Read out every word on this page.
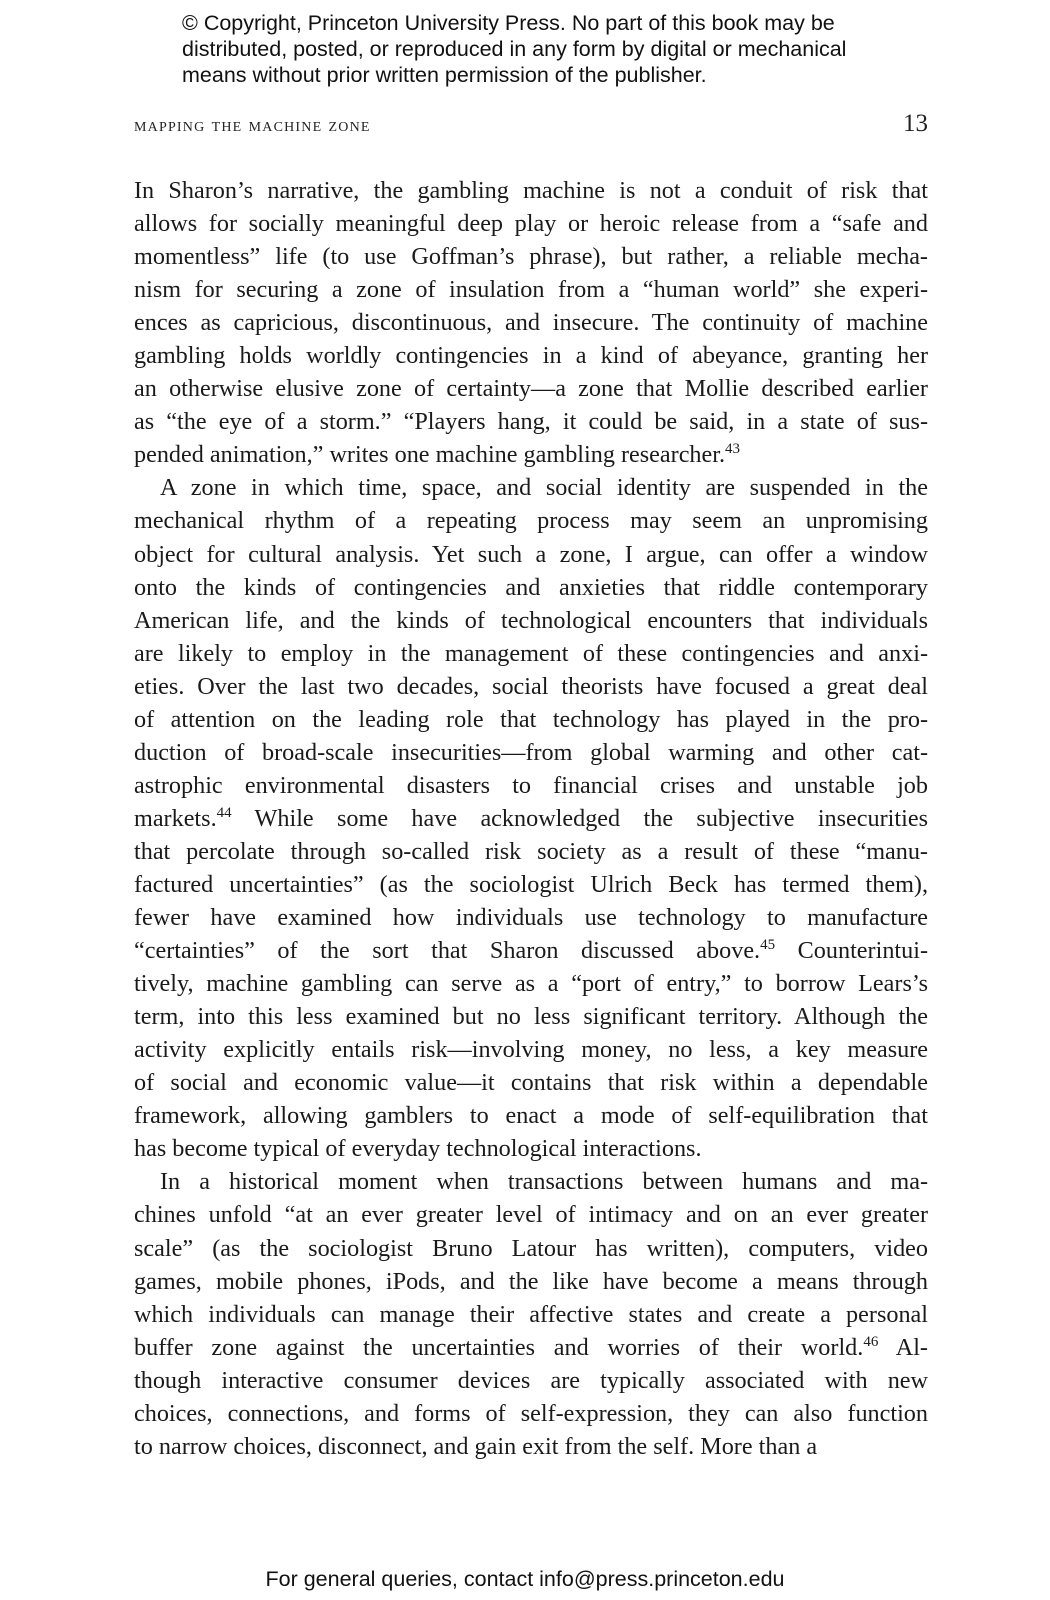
© Copyright, Princeton University Press. No part of this book may be
distributed, posted, or reproduced in any form by digital or mechanical
means without prior written permission of the publisher.
mapping the machine zone	13
In Sharon’s narrative, the gambling machine is not a conduit of risk that
allows for socially meaningful deep play or heroic release from a “safe and
momentless” life (to use Goffman’s phrase), but rather, a reliable mecha-
nism for securing a zone of insulation from a “human world” she experi-
ences as capricious, discontinuous, and insecure. The continuity of machine
gambling holds worldly contingencies in a kind of abeyance, granting her
an otherwise elusive zone of certainty—a zone that Mollie described earlier
as “the eye of a storm.” “Players hang, it could be said, in a state of sus-
pended animation,” writes one machine gambling researcher.$^{43}$
A zone in which time, space, and social identity are suspended in the
mechanical rhythm of a repeating process may seem an unpromising
object for cultural analysis. Yet such a zone, I argue, can offer a window
onto the kinds of contingencies and anxieties that riddle contemporary
American life, and the kinds of technological encounters that individuals
are likely to employ in the management of these contingencies and anxi-
eties. Over the last two decades, social theorists have focused a great deal
of attention on the leading role that technology has played in the pro-
duction of broad-scale insecurities—from global warming and other cat-
astrophic environmental disasters to financial crises and unstable job
markets.$^{44}$ While some have acknowledged the subjective insecurities
that percolate through so-called risk society as a result of these “manu-
factured uncertainties” (as the sociologist Ulrich Beck has termed them),
fewer have examined how individuals use technology to manufacture
“certainties” of the sort that Sharon discussed above.$^{45}$ Counterintui-
tively, machine gambling can serve as a “port of entry,” to borrow Lears’s
term, into this less examined but no less significant territory. Although the
activity explicitly entails risk—involving money, no less, a key measure
of social and economic value—it contains that risk within a dependable
framework, allowing gamblers to enact a mode of self-equilibration that
has become typical of everyday technological interactions.
In a historical moment when transactions between humans and ma-
chines unfold “at an ever greater level of intimacy and on an ever greater
scale” (as the sociologist Bruno Latour has written), computers, video
games, mobile phones, iPods, and the like have become a means through
which individuals can manage their affective states and create a personal
buffer zone against the uncertainties and worries of their world.$^{46}$ Al-
though interactive consumer devices are typically associated with new
choices, connections, and forms of self-expression, they can also function
to narrow choices, disconnect, and gain exit from the self. More than a
For general queries, contact info@press.princeton.edu
